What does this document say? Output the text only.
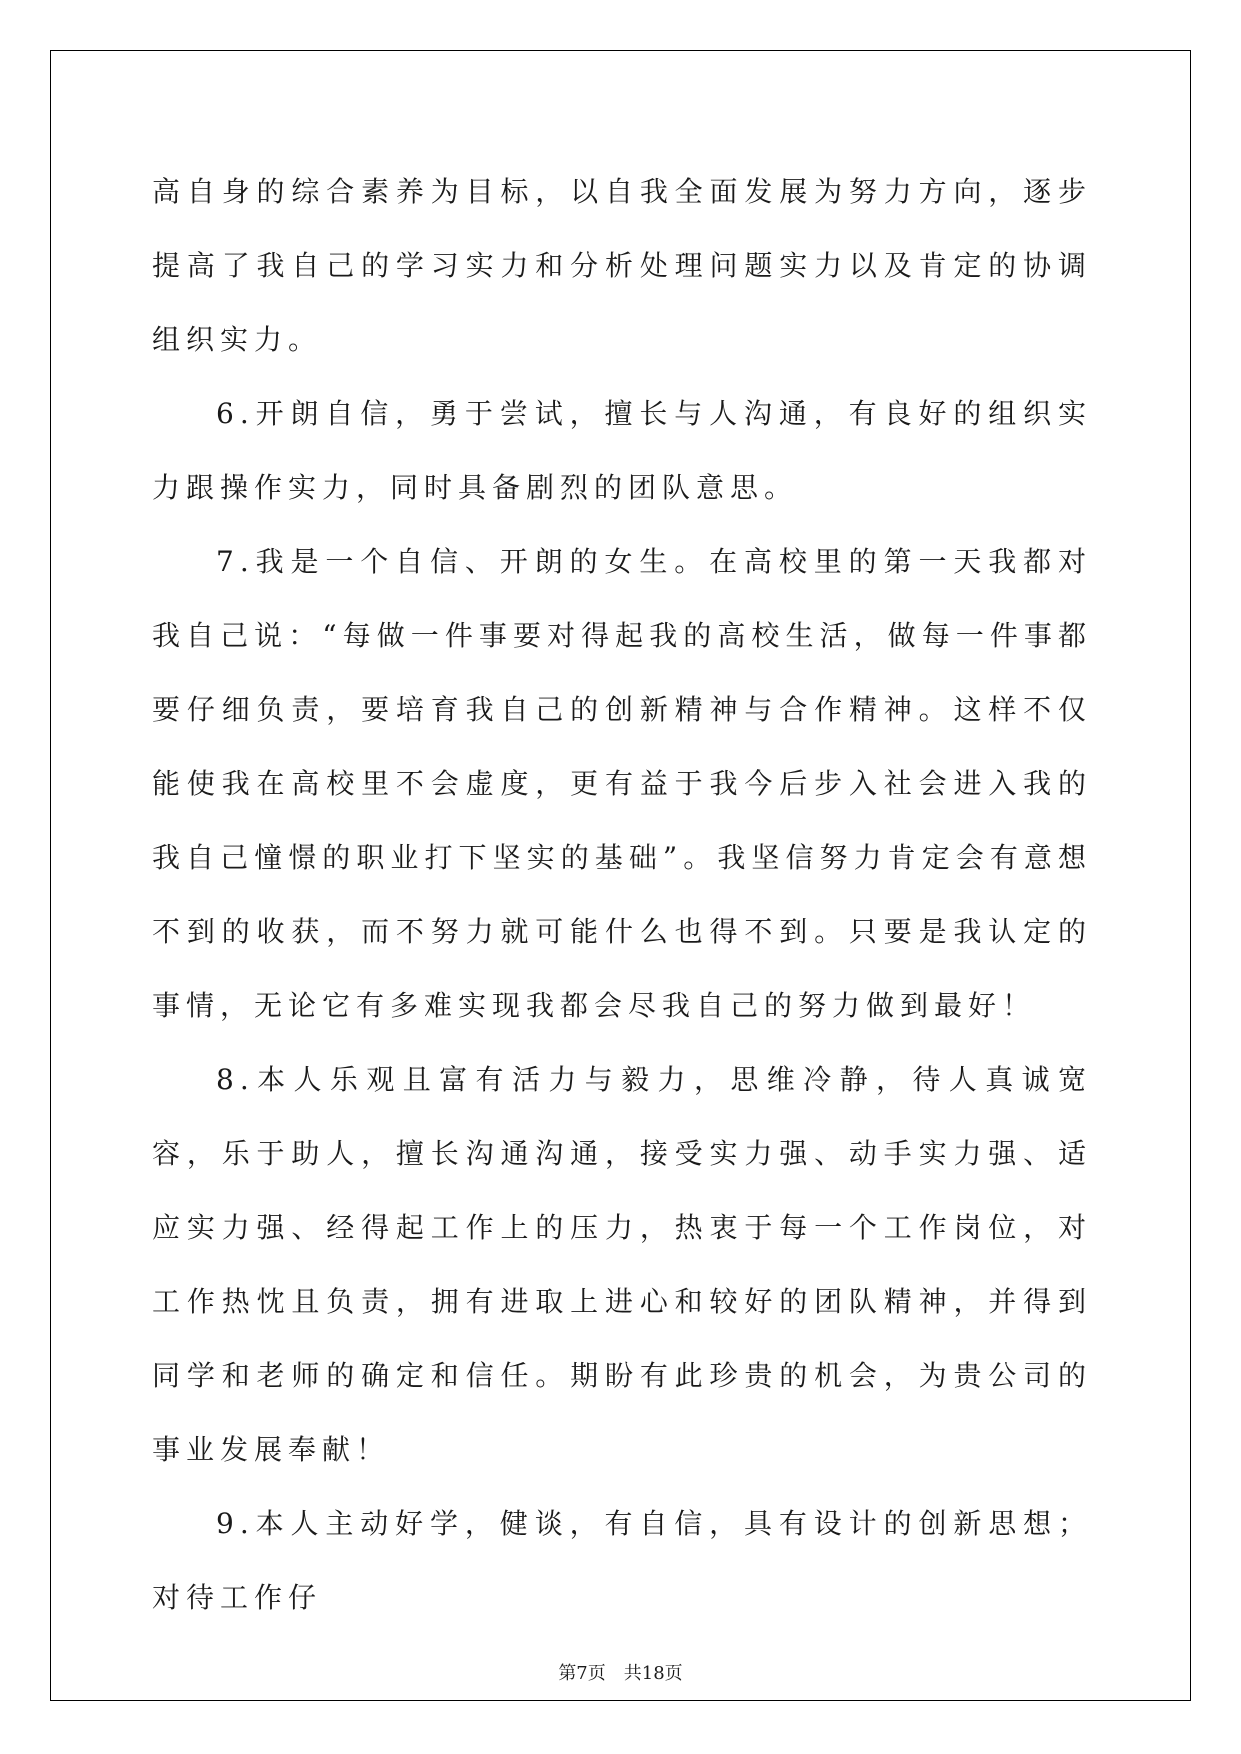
高自身的综合素养为目标，以自我全面发展为努力方向，逐步提高了我自己的学习实力和分析处理问题实力以及肯定的协调组织实力。

6.开朗自信，勇于尝试，擅长与人沟通，有良好的组织实力跟操作实力，同时具备剧烈的团队意思。

7.我是一个自信、开朗的女生。在高校里的第一天我都对我自己说：“每做一件事要对得起我的高校生活，做每一件事都要仔细负责，要培育我自己的创新精神与合作精神。这样不仅能使我在高校里不会虚度，更有益于我今后步入社会进入我的我自己憧憬的职业打下坚实的基础”。我坚信努力肯定会有意想不到的收获，而不努力就可能什么也得不到。只要是我认定的事情，无论它有多难实现我都会尽我自己的努力做到最好！

8.本人乐观且富有活力与毅力，思维冷静，待人真诚宽容，乐于助人，擅长沟通沟通，接受实力强、动手实力强、适应实力强、经得起工作上的压力，热衷于每一个工作岗位，对工作热忱且负责，拥有进取上进心和较好的团队精神，并得到同学和老师的确定和信任。期盼有此珍贵的机会，为贵公司的事业发展奉献！

9.本人主动好学，健谈，有自信，具有设计的创新思想；对待工作仔

第7页　共18页
